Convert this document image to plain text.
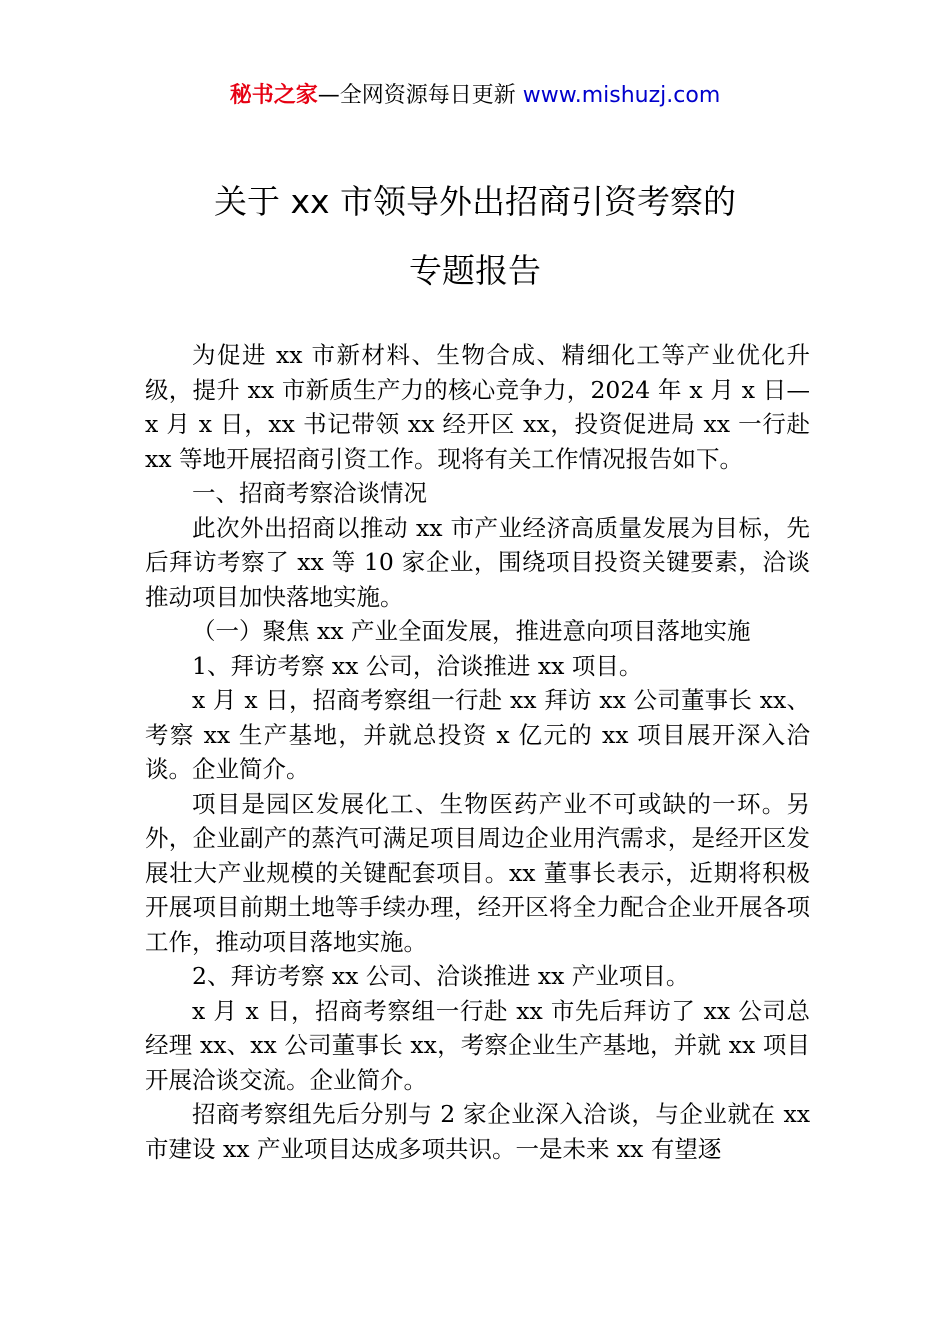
秘书之家—全网资源每日更新 www.mishuzj.com
关于 xx 市领导外出招商引资考察的
专题报告

为促进 xx 市新材料、生物合成、精细化工等产业优化升级，提升 xx 市新质生产力的核心竞争力，2024 年 x 月 x 日—x 月 x 日，xx 书记带领 xx 经开区 xx，投资促进局 xx 一行赴 xx 等地开展招商引资工作。现将有关工作情况报告如下。

一、招商考察洽谈情况

此次外出招商以推动 xx 市产业经济高质量发展为目标，先后拜访考察了 xx 等 10 家企业，围绕项目投资关键要素，洽谈推动项目加快落地实施。

（一）聚焦 xx 产业全面发展，推进意向项目落地实施

1、拜访考察 xx 公司，洽谈推进 xx 项目。

x 月 x 日，招商考察组一行赴 xx 拜访 xx 公司董事长 xx、考察 xx 生产基地，并就总投资 x 亿元的 xx 项目展开深入洽谈。企业简介。

项目是园区发展化工、生物医药产业不可或缺的一环。另外，企业副产的蒸汽可满足项目周边企业用汽需求，是经开区发展壮大产业规模的关键配套项目。xx 董事长表示，近期将积极开展项目前期土地等手续办理，经开区将全力配合企业开展各项工作，推动项目落地实施。

2、拜访考察 xx 公司、洽谈推进 xx 产业项目。

x 月 x 日，招商考察组一行赴 xx 市先后拜访了 xx 公司总经理 xx、xx 公司董事长 xx，考察企业生产基地，并就 xx 项目开展洽谈交流。企业简介。

招商考察组先后分别与 2 家企业深入洽谈，与企业就在 xx 市建设 xx 产业项目达成多项共识。一是未来 xx 有望逐
